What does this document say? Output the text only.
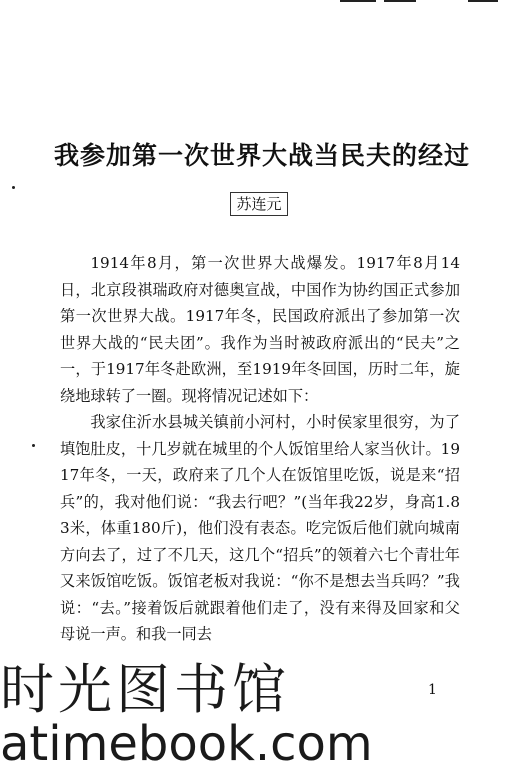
我参加第一次世界大战当民夫的经过
苏连元

1914年8月，第一次世界大战爆发。1917年8月14日，北京段祺瑞政府对德奥宣战，中国作为协约国正式参加第一次世界大战。1917年冬，民国政府派出了参加第一次世界大战的“民夫团”。我作为当时被政府派出的“民夫”之一，于1917年冬赴欧洲，至1919年冬回国，历时二年，旋绕地球转了一圈。现将情况记述如下：

我家住沂水县城关镇前小河村，小时侯家里很穷，为了填饱肚皮，十几岁就在城里的个人饭馆里给人家当伙计。1917年冬，一天，政府来了几个人在饭馆里吃饭，说是来“招兵”的，我对他们说：“我去行吧？”(当年我22岁，身高1.83米，体重180斤)，他们没有表态。吃完饭后他们就向城南方向去了，过了不几天，这几个“招兵”的领着六七个青壮年又来饭馆吃饭。饭馆老板对我说：“你不是想去当兵吗？”我说：“去。”接着饭后就跟着他们走了，没有来得及回家和父母说一声。和我一同去

1
时光图书馆
atimebook.com
